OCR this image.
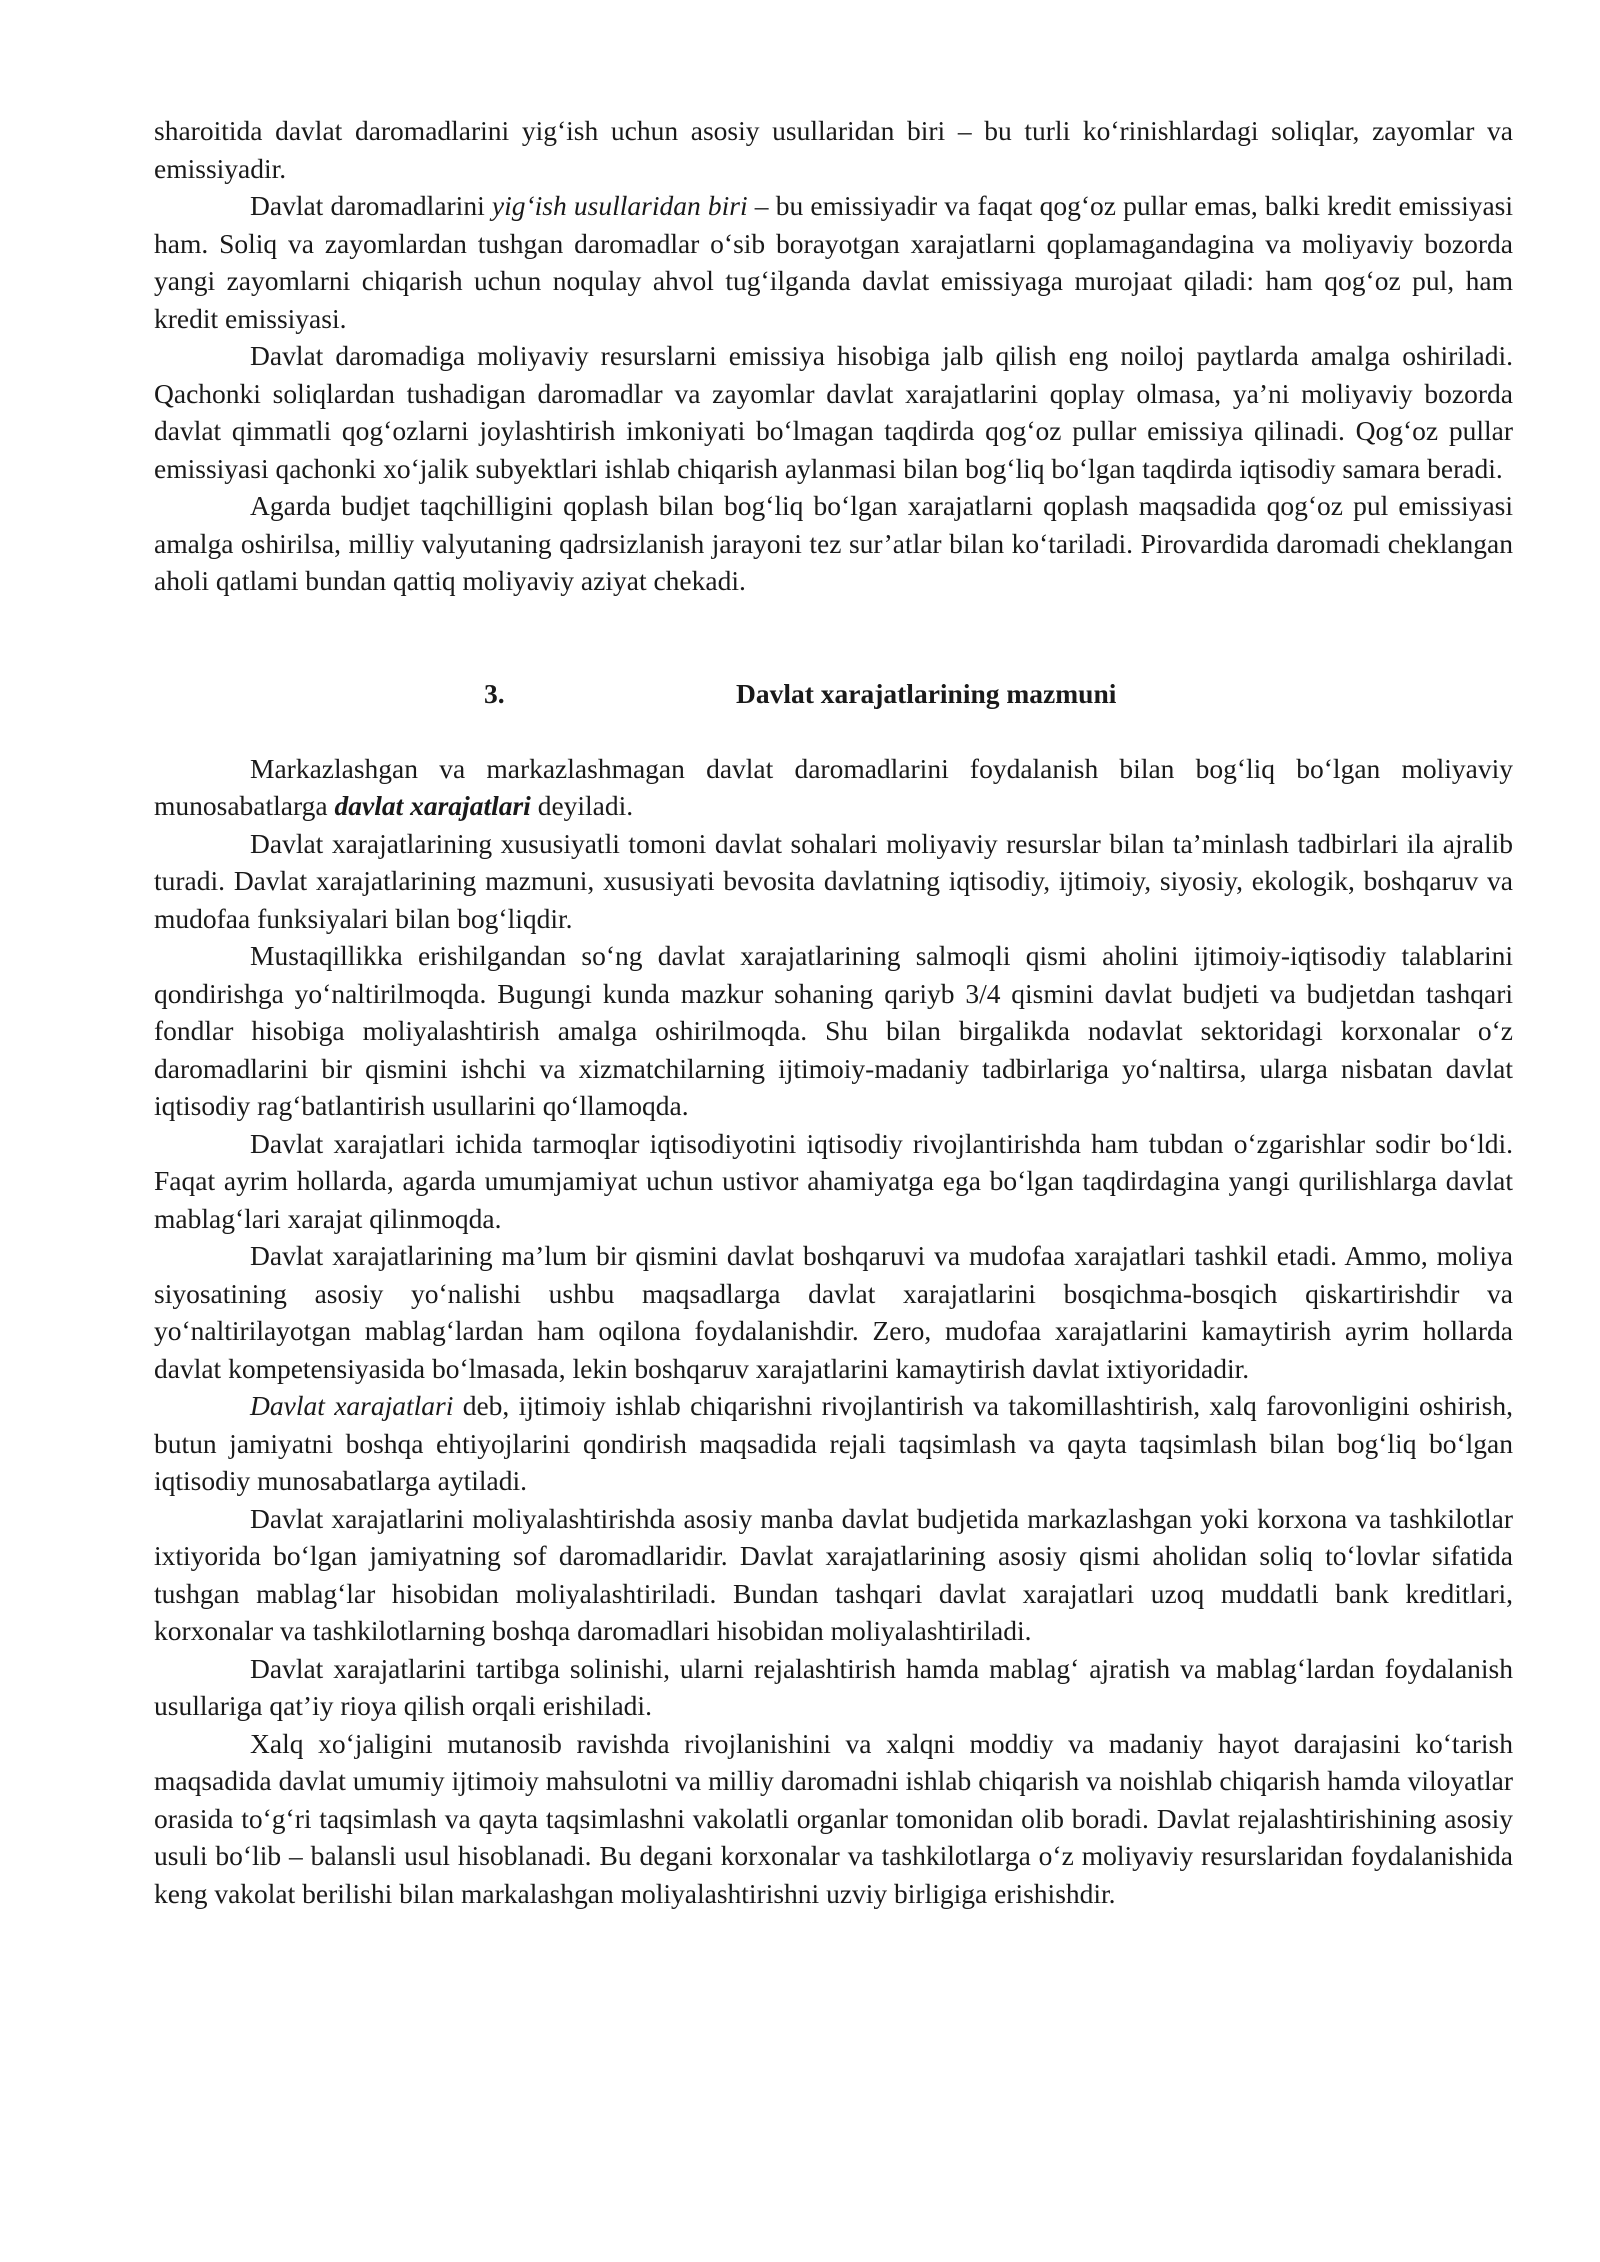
sharoitida davlat daromadlarini yig‘ish uchun asosiy usullaridan biri – bu turli ko‘rinishlardagi soliqlar, zayomlar va emissiyadir.

Davlat daromadlarini yig‘ish usullaridan biri – bu emissiyadir va faqat qog‘oz pullar emas, balki kredit emissiyasi ham. Soliq va zayomlardan tushgan daromadlar o‘sib borayotgan xarajatlarni qoplamagandagina va moliyaviy bozorda yangi zayomlarni chiqarish uchun noqulay ahvol tug‘ilganda davlat emissiyaga murojaat qiladi: ham qog‘oz pul, ham kredit emissiyasi.

Davlat daromadiga moliyaviy resurslarni emissiya hisobiga jalb qilish eng noiloj paytlarda amalga oshiriladi. Qachonki soliqlardan tushadigan daromadlar va zayomlar davlat xarajatlarini qoplay olmasa, ya’ni moliyaviy bozorda davlat qimmatli qog‘ozlarni joylashtirish imkoniyati bo‘lmagan taqdirda qog‘oz pullar emissiya qilinadi. Qog‘oz pullar emissiyasi qachonki xo‘jalik subyektlari ishlab chiqarish aylanmasi bilan bog‘liq bo‘lgan taqdirda iqtisodiy samara beradi.

Agarda budjet taqchilligini qoplash bilan bog‘liq bo‘lgan xarajatlarni qoplash maqsadida qog‘oz pul emissiyasi amalga oshirilsa, milliy valyutaning qadrsizlanish jarayoni tez sur’atlar bilan ko‘tariladi. Pirovardida daromadi cheklangan aholi qatlami bundan qattiq moliyaviy aziyat chekadi.

3.	Davlat xarajatlarining mazmuni

Markazlashgan va markazlashmagan davlat daromadlarini foydalanish bilan bog‘liq bo‘lgan moliyaviy munosabatlarga davlat xarajatlari deyiladi.

Davlat xarajatlarining xususiyatli tomoni davlat sohalari moliyaviy resurslar bilan ta’minlash tadbirlari ila ajralib turadi. Davlat xarajatlarining mazmuni, xususiyati bevosita davlatning iqtisodiy, ijtimoiy, siyosiy, ekologik, boshqaruv va mudofaa funksiyalari bilan bog‘liqdir.

Mustaqillikka erishilgandan so‘ng davlat xarajatlarining salmoqli qismi aholini ijtimoiy-iqtisodiy talablarini qondirishga yo‘naltirilmoqda. Bugungi kunda mazkur sohaning qariyb 3/4 qismini davlat budjeti va budjetdan tashqari fondlar hisobiga moliyalashtirish amalga oshirilmoqda. Shu bilan birgalikda nodavlat sektoridagi korxonalar o‘z daromadlarini bir qismini ishchi va xizmatchilarning ijtimoiy-madaniy tadbirlariga yo‘naltirsa, ularga nisbatan davlat iqtisodiy rag‘batlantirish usullarini qo‘llamoqda.

Davlat xarajatlari ichida tarmoqlar iqtisodiyotini iqtisodiy rivojlantirishda ham tubdan o‘zgarishlar sodir bo‘ldi. Faqat ayrim hollarda, agarda umumjamiyat uchun ustivor ahamiyatga ega bo‘lgan taqdirdagina yangi qurilishlarga davlat mablag‘lari xarajat qilinmoqda.

Davlat xarajatlarining ma’lum bir qismini davlat boshqaruvi va mudofaa xarajatlari tashkil etadi. Ammo, moliya siyosatining asosiy yo‘nalishi ushbu maqsadlarga davlat xarajatlarini bosqichma-bosqich qiskartirishdir va yo‘naltirilayotgan mablag‘lardan ham oqilona foydalanishdir. Zero, mudofaa xarajatlarini kamaytirish ayrim hollarda davlat kompetensiyasida bo‘lmasada, lekin boshqaruv xarajatlarini kamaytirish davlat ixtiyoridadir.

Davlat xarajatlari deb, ijtimoiy ishlab chiqarishni rivojlantirish va takomillashtirish, xalq farovonligini oshirish, butun jamiyatni boshqa ehtiyojlarini qondirish maqsadida rejali taqsimlash va qayta taqsimlash bilan bog‘liq bo‘lgan iqtisodiy munosabatlarga aytiladi.

Davlat xarajatlarini moliyalashtirishda asosiy manba davlat budjetida markazlashgan yoki korxona va tashkilotlar ixtiyorida bo‘lgan jamiyatning sof daromadlaridir. Davlat xarajatlarining asosiy qismi aholidan soliq to‘lovlar sifatida tushgan mablag‘lar hisobidan moliyalashtiriladi. Bundan tashqari davlat xarajatlari uzoq muddatli bank kreditlari, korxonalar va tashkilotlarning boshqa daromadlari hisobidan moliyalashtiriladi.

Davlat xarajatlarini tartibga solinishi, ularni rejalashtirish hamda mablag‘ ajratish va mablag‘lardan foydalanish usullariga qat’iy rioya qilish orqali erishiladi.

Xalq xo‘jaligini mutanosib ravishda rivojlanishini va xalqni moddiy va madaniy hayot darajasini ko‘tarish maqsadida davlat umumiy ijtimoiy mahsulotni va milliy daromadni ishlab chiqarish va noishlab chiqarish hamda viloyatlar orasida to‘g‘ri taqsimlash va qayta taqsimlashni vakolatli organlar tomonidan olib boradi. Davlat rejalashtirishining asosiy usuli bo‘lib – balansli usul hisoblanadi. Bu degani korxonalar va tashkilotlarga o‘z moliyaviy resurslaridan foydalanishida keng vakolat berilishi bilan markalashgan moliyalashtirishni uzviy birligiga erishishdir.
